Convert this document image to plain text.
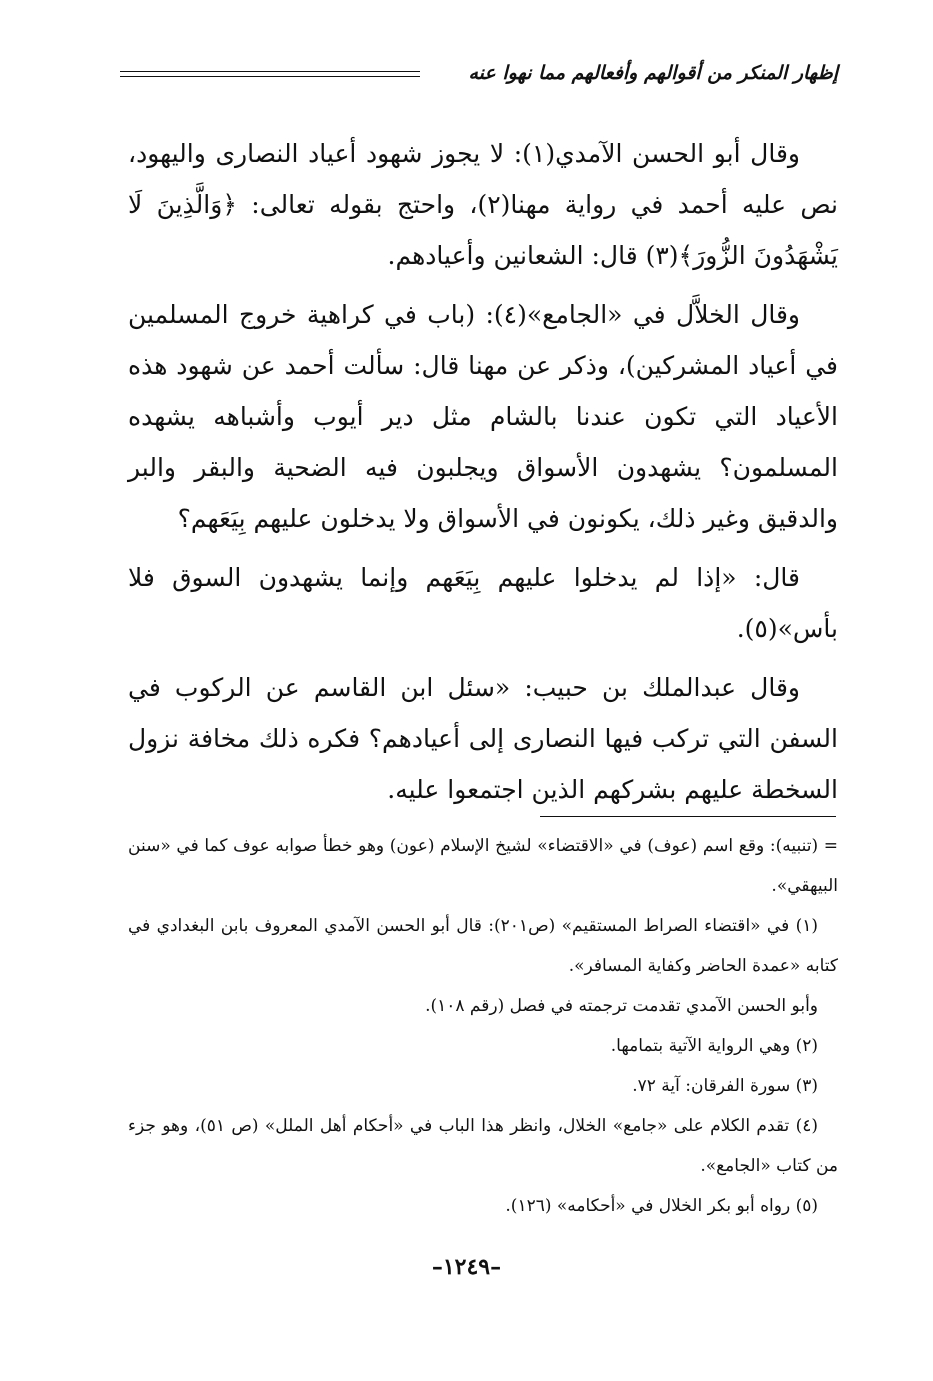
إظهار المنكر من أقوالهم وأفعالهم مما نهوا عنه

وقال أبو الحسن الآمدي(١): لا يجوز شهود أعياد النصارى واليهود، نص عليه أحمد في رواية مهنا(٢)، واحتج بقوله تعالى: ﴿وَالَّذِينَ لَا يَشْهَدُونَ الزُّورَ﴾(٣) قال: الشعانين وأعيادهم.

وقال الخلاَّل في «الجامع»(٤): (باب في كراهية خروج المسلمين في أعياد المشركين)، وذكر عن مهنا قال: سألت أحمد عن شهود هذه الأعياد التي تكون عندنا بالشام مثل دير أيوب وأشباهه يشهده المسلمون؟ يشهدون الأسواق ويجلبون فيه الضحية والبقر والبر والدقيق وغير ذلك، يكونون في الأسواق ولا يدخلون عليهم بِيَعَهم؟

قال: «إذا لم يدخلوا عليهم بِيَعَهم وإنما يشهدون السوق فلا بأس»(٥).

وقال عبدالملك بن حبيب: «سئل ابن القاسم عن الركوب في السفن التي تركب فيها النصارى إلى أعيادهم؟ فكره ذلك مخافة نزول السخطة عليهم بشركهم الذين اجتمعوا عليه.

= (تنبيه): وقع اسم (عوف) في «الاقتضاء» لشيخ الإسلام (عون) وهو خطأ صوابه عوف كما في «سنن البيهقي».

(١) في «اقتضاء الصراط المستقيم» (ص٢٠١): قال أبو الحسن الآمدي المعروف بابن البغدادي في كتابه «عمدة الحاضر وكفاية المسافر».

وأبو الحسن الآمدي تقدمت ترجمته في فصل (رقم ١٠٨).

(٢) وهي الرواية الآتية بتمامها.

(٣) سورة الفرقان: آية ٧٢.

(٤) تقدم الكلام على «جامع» الخلال، وانظر هذا الباب في «أحكام أهل الملل» (ص ٥١)، وهو جزء من كتاب «الجامع».

(٥) رواه أبو بكر الخلال في «أحكامه» (١٢٦).

–١٢٤٩–
